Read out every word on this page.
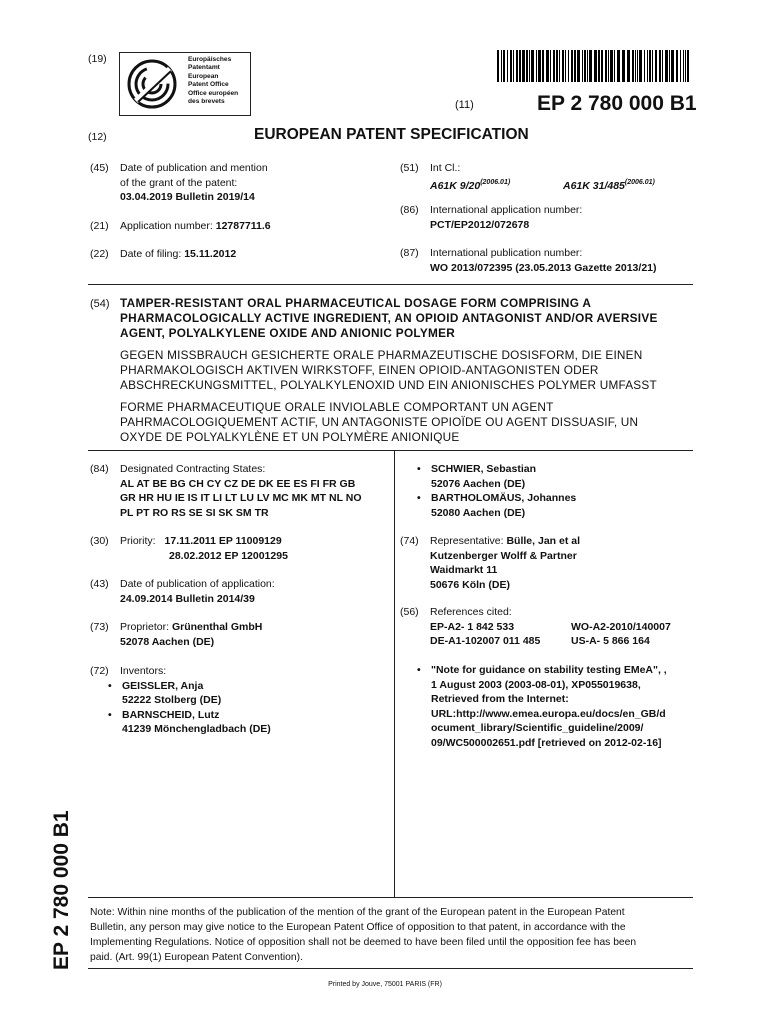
(19)	Europäisches
Patentamt
European
Patent Office
Office européen
des brevets	(11)	EP 2 780 000 B1
(12)	EUROPEAN PATENT SPECIFICATION
(45) Date of publication and mention
of the grant of the patent:
03.04.2019 Bulletin 2019/14
(21) Application number: 12787711.6
(22) Date of filing: 15.11.2012
(51) Int Cl.:
A61K $9/20^{(2006.01)}$	A61K $31/485^{(2006.01)}$
(86) International application number:
PCT/EP2012/072678
(87) International publication number:
WO 2013/072395 (23.05.2013 Gazette 2013/21)
(54) TAMPER-RESISTANT ORAL PHARMACEUTICAL DOSAGE FORM COMPRISING A
PHARMACOLOGICALLY ACTIVE INGREDIENT, AN OPIOID ANTAGONIST AND/OR AVERSIVE
AGENT, POLYALKYLENE OXIDE AND ANIONIC POLYMER
GEGEN MISSBRAUCH GESICHERTE ORALE PHARMAZEUTISCHE DOSISFORM, DIE EINEN
PHARMAKOLOGISCH AKTIVEN WIRKSTOFF, EINEN OPIOID-ANTAGONISTEN ODER
ABSCHRECKUNGSMITTEL, POLYALKYLENOXID UND EIN ANIONISCHES POLYMER UMFASST
FORME PHARMACEUTIQUE ORALE INVIOLABLE COMPORTANT UN AGENT
PAHRMACOLOGIQUEMENT ACTIF, UN ANTAGONISTE OPIOÏDE OU AGENT DISSUASIF, UN
OXYDE DE POLYALKYLÈNE ET UN POLYMÈRE ANIONIQUE
(84) Designated Contracting States:
AL AT BE BG CH CY CZ DE DK EE ES FI FR GB
GR HR HU IE IS IT LI LT LU LV MC MK MT NL NO
PL PT RO RS SE SI SK SM TR
(30) Priority: 17.11.2011 EP 11009129
28.02.2012 EP 12001295
(43) Date of publication of application:
24.09.2014 Bulletin 2014/39
(73) Proprietor: Grünenthal GmbH
52078 Aachen (DE)
(72) Inventors:
• GEISSLER, Anja
52222 Stolberg (DE)
• BARNSCHEID, Lutz
41239 Mönchengladbach (DE)
• SCHWIER, Sebastian
52076 Aachen (DE)
• BARTHOLOMÄUS, Johannes
52080 Aachen (DE)
(74) Representative: Bülle, Jan et al
Kutzenberger Wolff & Partner
Waidmarkt 11
50676 Köln (DE)
(56) References cited:
EP-A2- 1 842 533	WO-A2-2010/140007
DE-A1-102007 011 485	US-A- 5 866 164
• "Note for guidance on stability testing EMeA", ,
1 August 2003 (2003-08-01), XP055019638,
Retrieved from the Internet:
URL:http://www.emea.europa.eu/docs/en_GB/d
ocument_library/Scientific_guideline/2009/
09/WC500002651.pdf [retrieved on 2012-02-16]
EP 2 780 000 B1 Note: Within nine months of the publication of the mention of the grant of the European patent in the European Patent
Bulletin, any person may give notice to the European Patent Office of opposition to that patent, in accordance with the
Implementing Regulations. Notice of opposition shall not be deemed to have been filed until the opposition fee has been
paid. (Art. 99(1) European Patent Convention).
Printed by Jouve, 75001 PARIS (FR)
